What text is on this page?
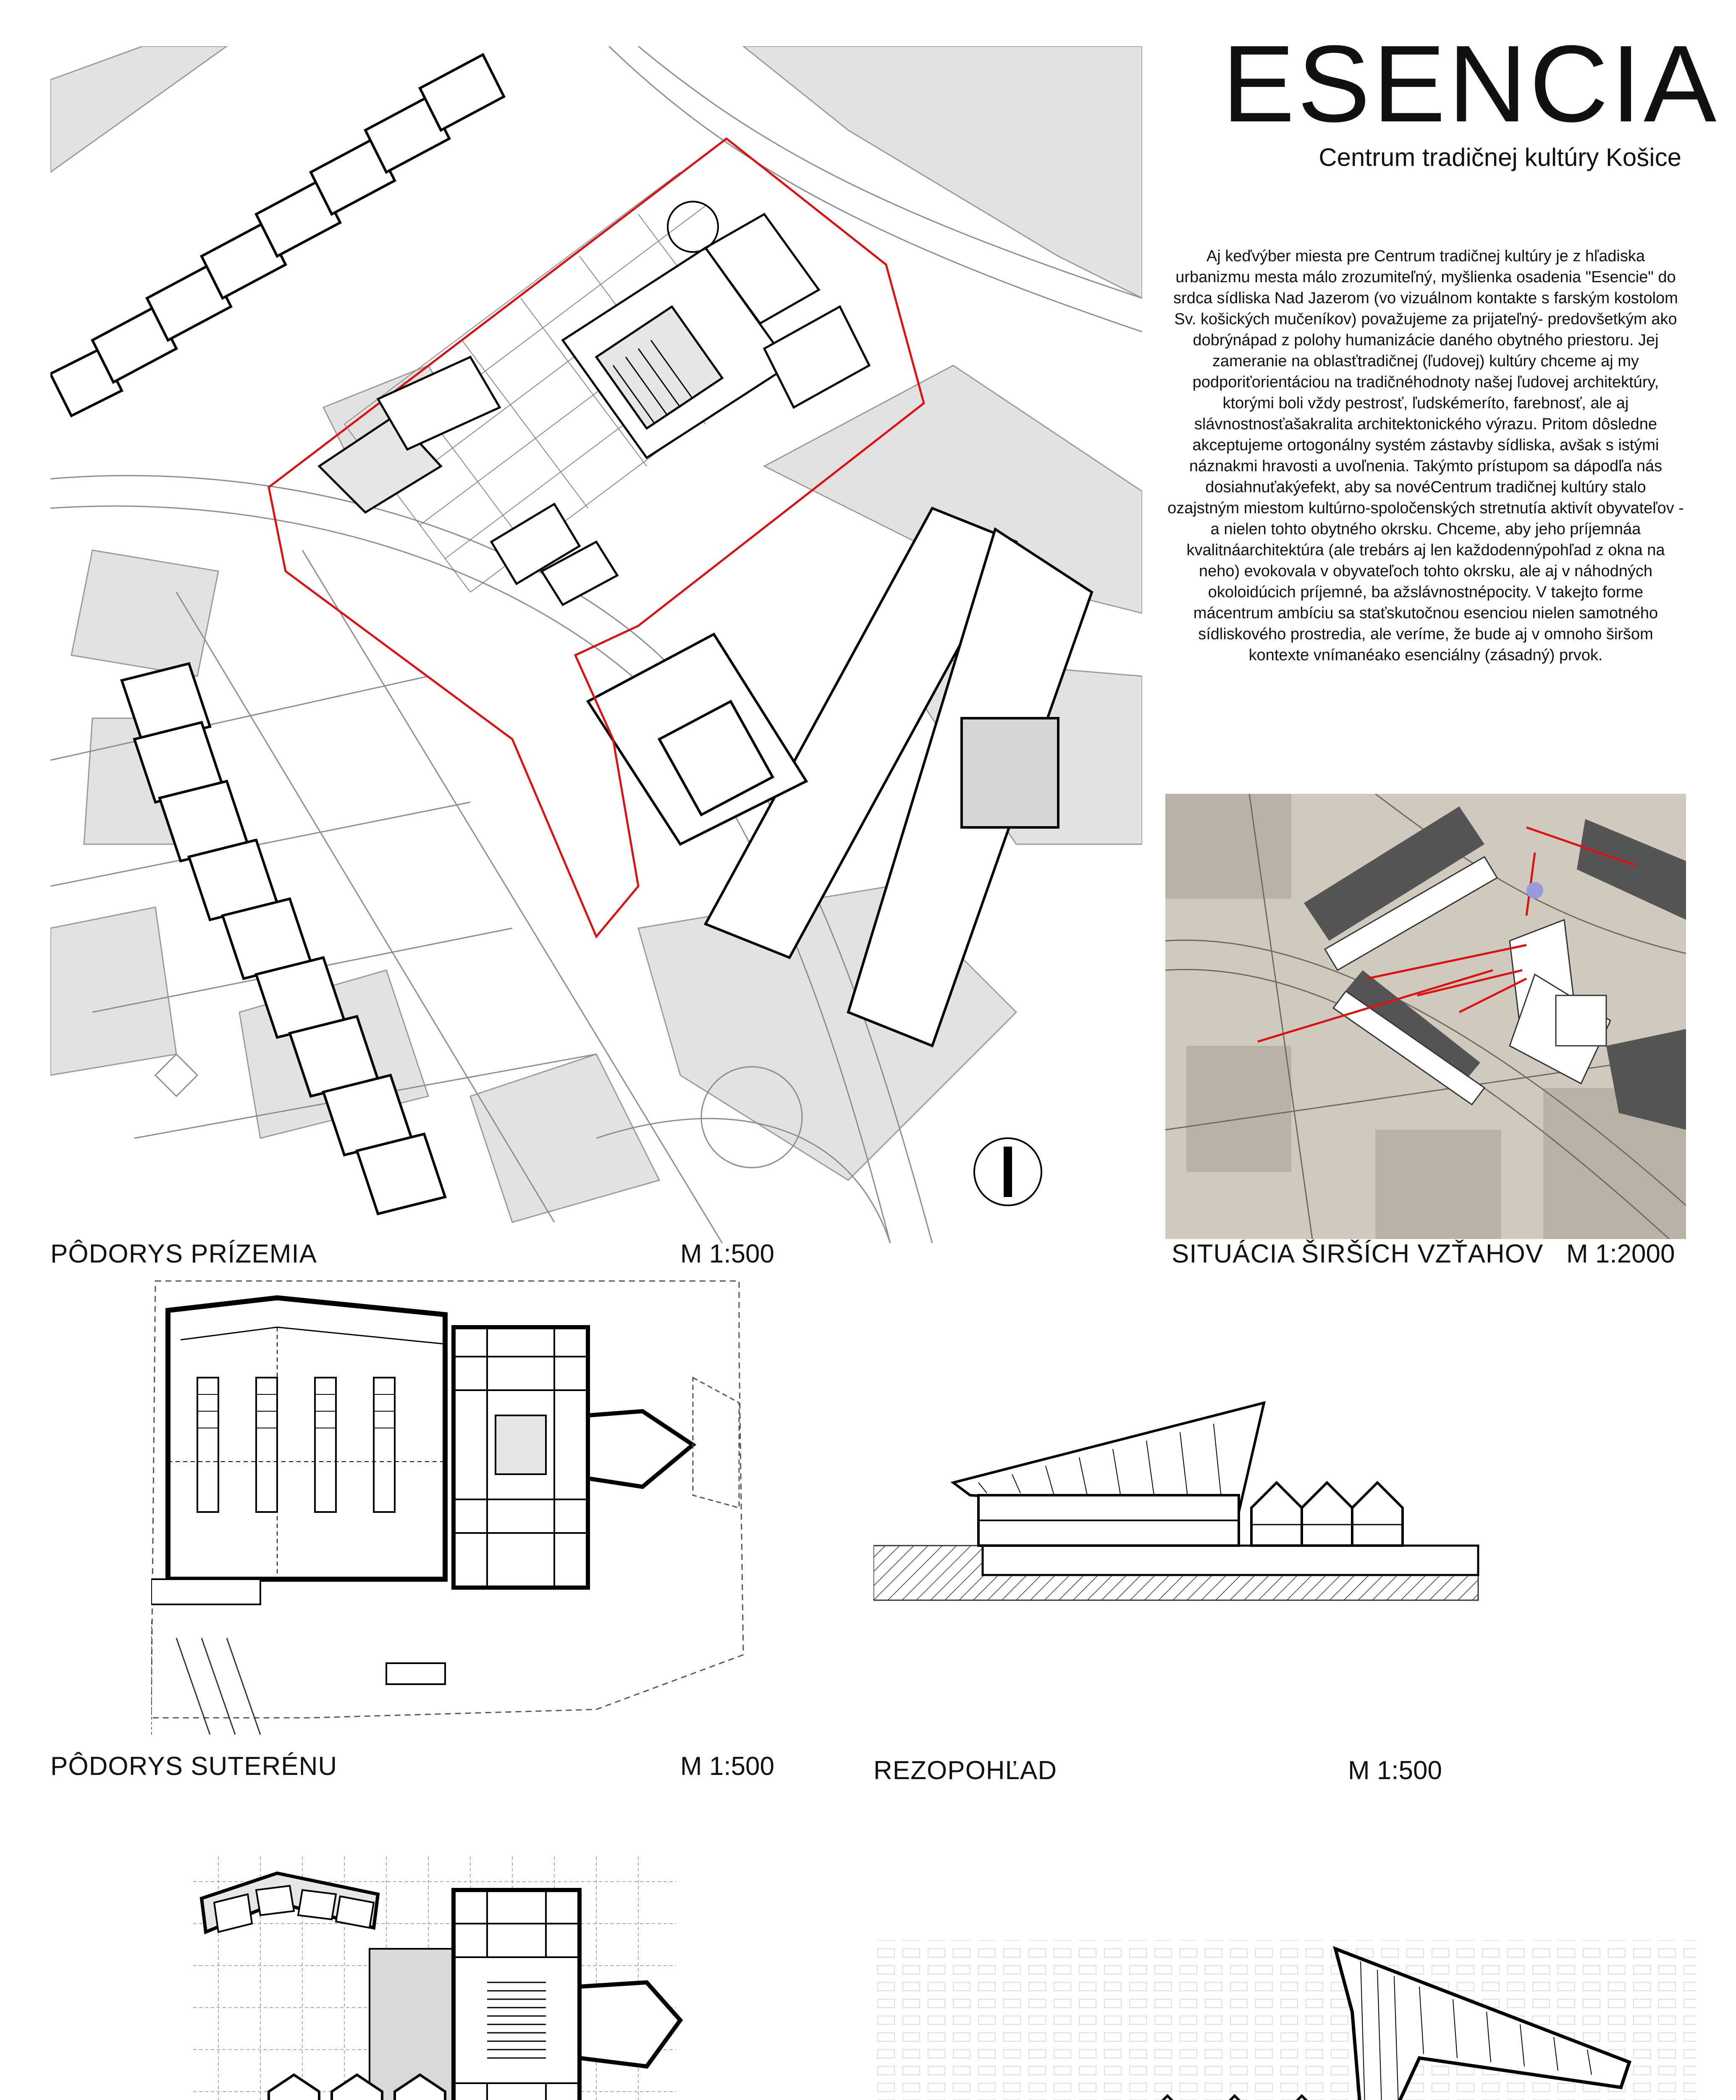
ESENCIA
Centrum tradičnej kultúry Košice
PÔDORYS PRÍZEMIA	M 1:500
Aj keďvýber miesta pre Centrum tradičnej kultúry je z hľadiska urbanizmu mesta málo zrozumiteľný, myšlienka osadenia "Esencie" do srdca sídliska Nad Jazerom (vo vizuálnom kontakte s farským kostolom Sv. košických mučeníkov) považujeme za prijateľný- predovšetkým ako dobrýnápad z polohy humanizácie daného obytného priestoru. Jej zameranie na oblasťtradičnej (ľudovej) kultúry chceme aj my podporiťorientáciou na tradičnéhodnoty našej ľudovej architektúry, ktorými boli vždy pestrosť, ľudskémeríto, farebnosť, ale aj slávnostnosťašakralita architektonického výrazu. Pritom dôsledne akceptujeme ortogonálny systém zástavby sídliska, avšak s istými náznakmi hravosti a uvoľnenia. Takýmto prístupom sa dápodľa nás dosiahnuťakýefekt, aby sa novéCentrum tradičnej kultúry stalo ozajstným miestom kultúrno-spoločenských stretnutía aktivít obyvateľov - a nielen tohto obytného okrsku. Chceme, aby jeho príjemnáa kvalitnáarchitektúra (ale trebárs aj len každodennýpohľad z okna na neho) evokovala v obyvateľoch tohto okrsku, ale aj v náhodných okoloidúcich príjemné, ba ažslávnostnépocity. V takejto forme mácentrum ambíciu sa staťskutočnou esenciou nielen samotného sídliskového prostredia, ale veríme, že bude aj v omnoho širšom kontexte vnímanéako esenciálny (zásadný) prvok.
SITUÁCIA ŠIRŠÍCH VZŤAHOV M 1:2000
PÔDORYS SUTERÉNU	M 1:500	REZOPOHĽAD	M 1:500
